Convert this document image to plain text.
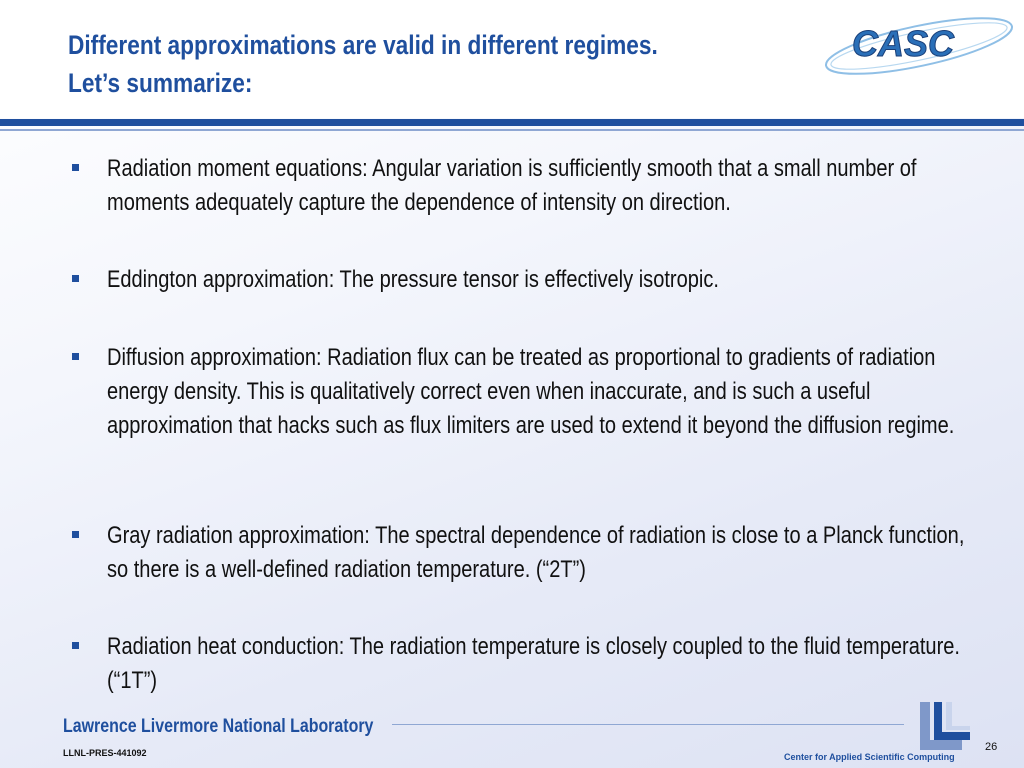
Different approximations are valid in different regimes.
Let’s summarize:
CASC
Radiation moment equations: Angular variation is sufficiently smooth that a small number of moments adequately capture the dependence of intensity on direction.
Eddington approximation: The pressure tensor is effectively isotropic.
Diffusion approximation: Radiation flux can be treated as proportional to gradients of radiation energy density. This is qualitatively correct even when inaccurate, and is such a useful approximation that hacks such as flux limiters are used to extend it beyond the diffusion regime.
Gray radiation approximation: The spectral dependence of radiation is close to a Planck function, so there is a well-defined radiation temperature. (“2T”)
Radiation heat conduction: The radiation temperature is closely coupled to the fluid temperature. (“1T”)
Lawrence Livermore National Laboratory
LLNL-PRES-441092	Center for Applied Scientific Computing
26
